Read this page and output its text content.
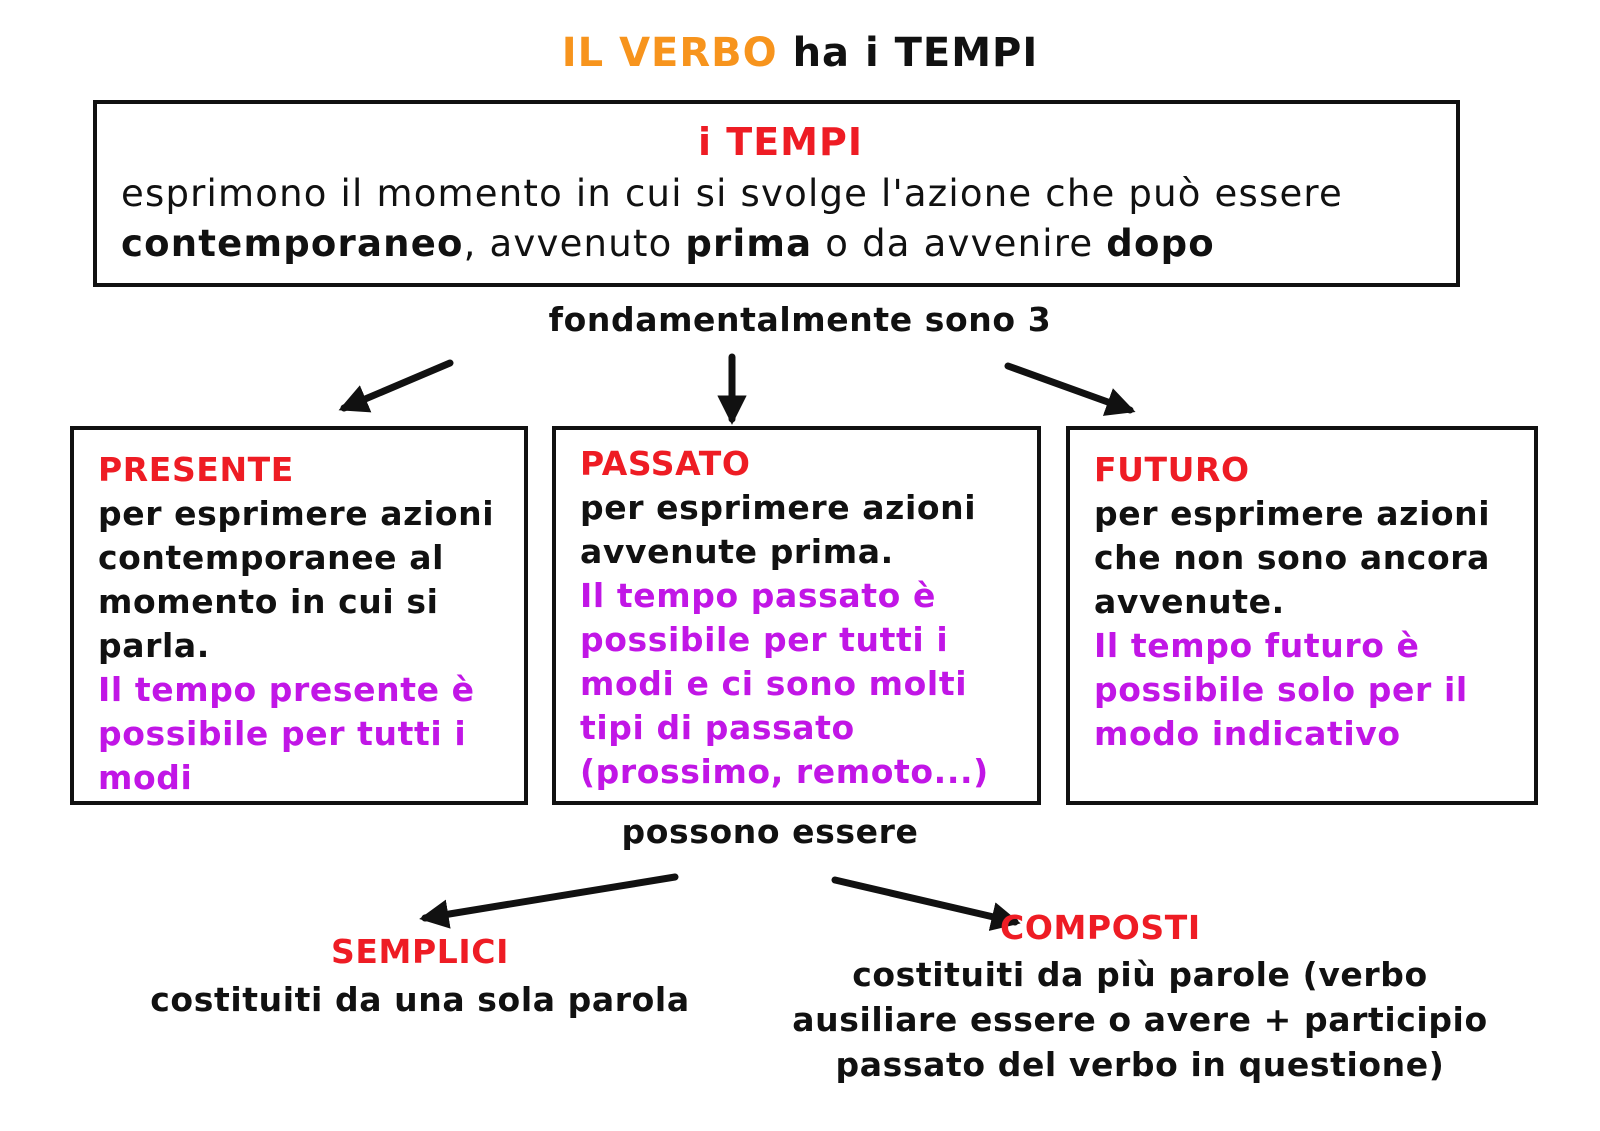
IL VERBO ha i TEMPI
i TEMPI
esprimono il momento in cui si svolge l'azione che può essere
contemporaneo, avvenuto prima o da avvenire dopo
fondamentalmente sono 3
PRESENTE
per esprimere azioni
contemporanee al
momento in cui si
parla.
Il tempo presente è
possibile per tutti i
modi
PASSATO
per esprimere azioni
avvenute prima.
Il tempo passato è
possibile per tutti i
modi e ci sono molti
tipi di passato
(prossimo, remoto...)
FUTURO
per esprimere azioni
che non sono ancora
avvenute.
Il tempo futuro è
possibile solo per il
modo indicativo
possono essere
SEMPLICI
costituiti da una sola parola
COMPOSTI
costituiti da più parole (verbo
ausiliare essere o avere + participio
passato del verbo in questione)
